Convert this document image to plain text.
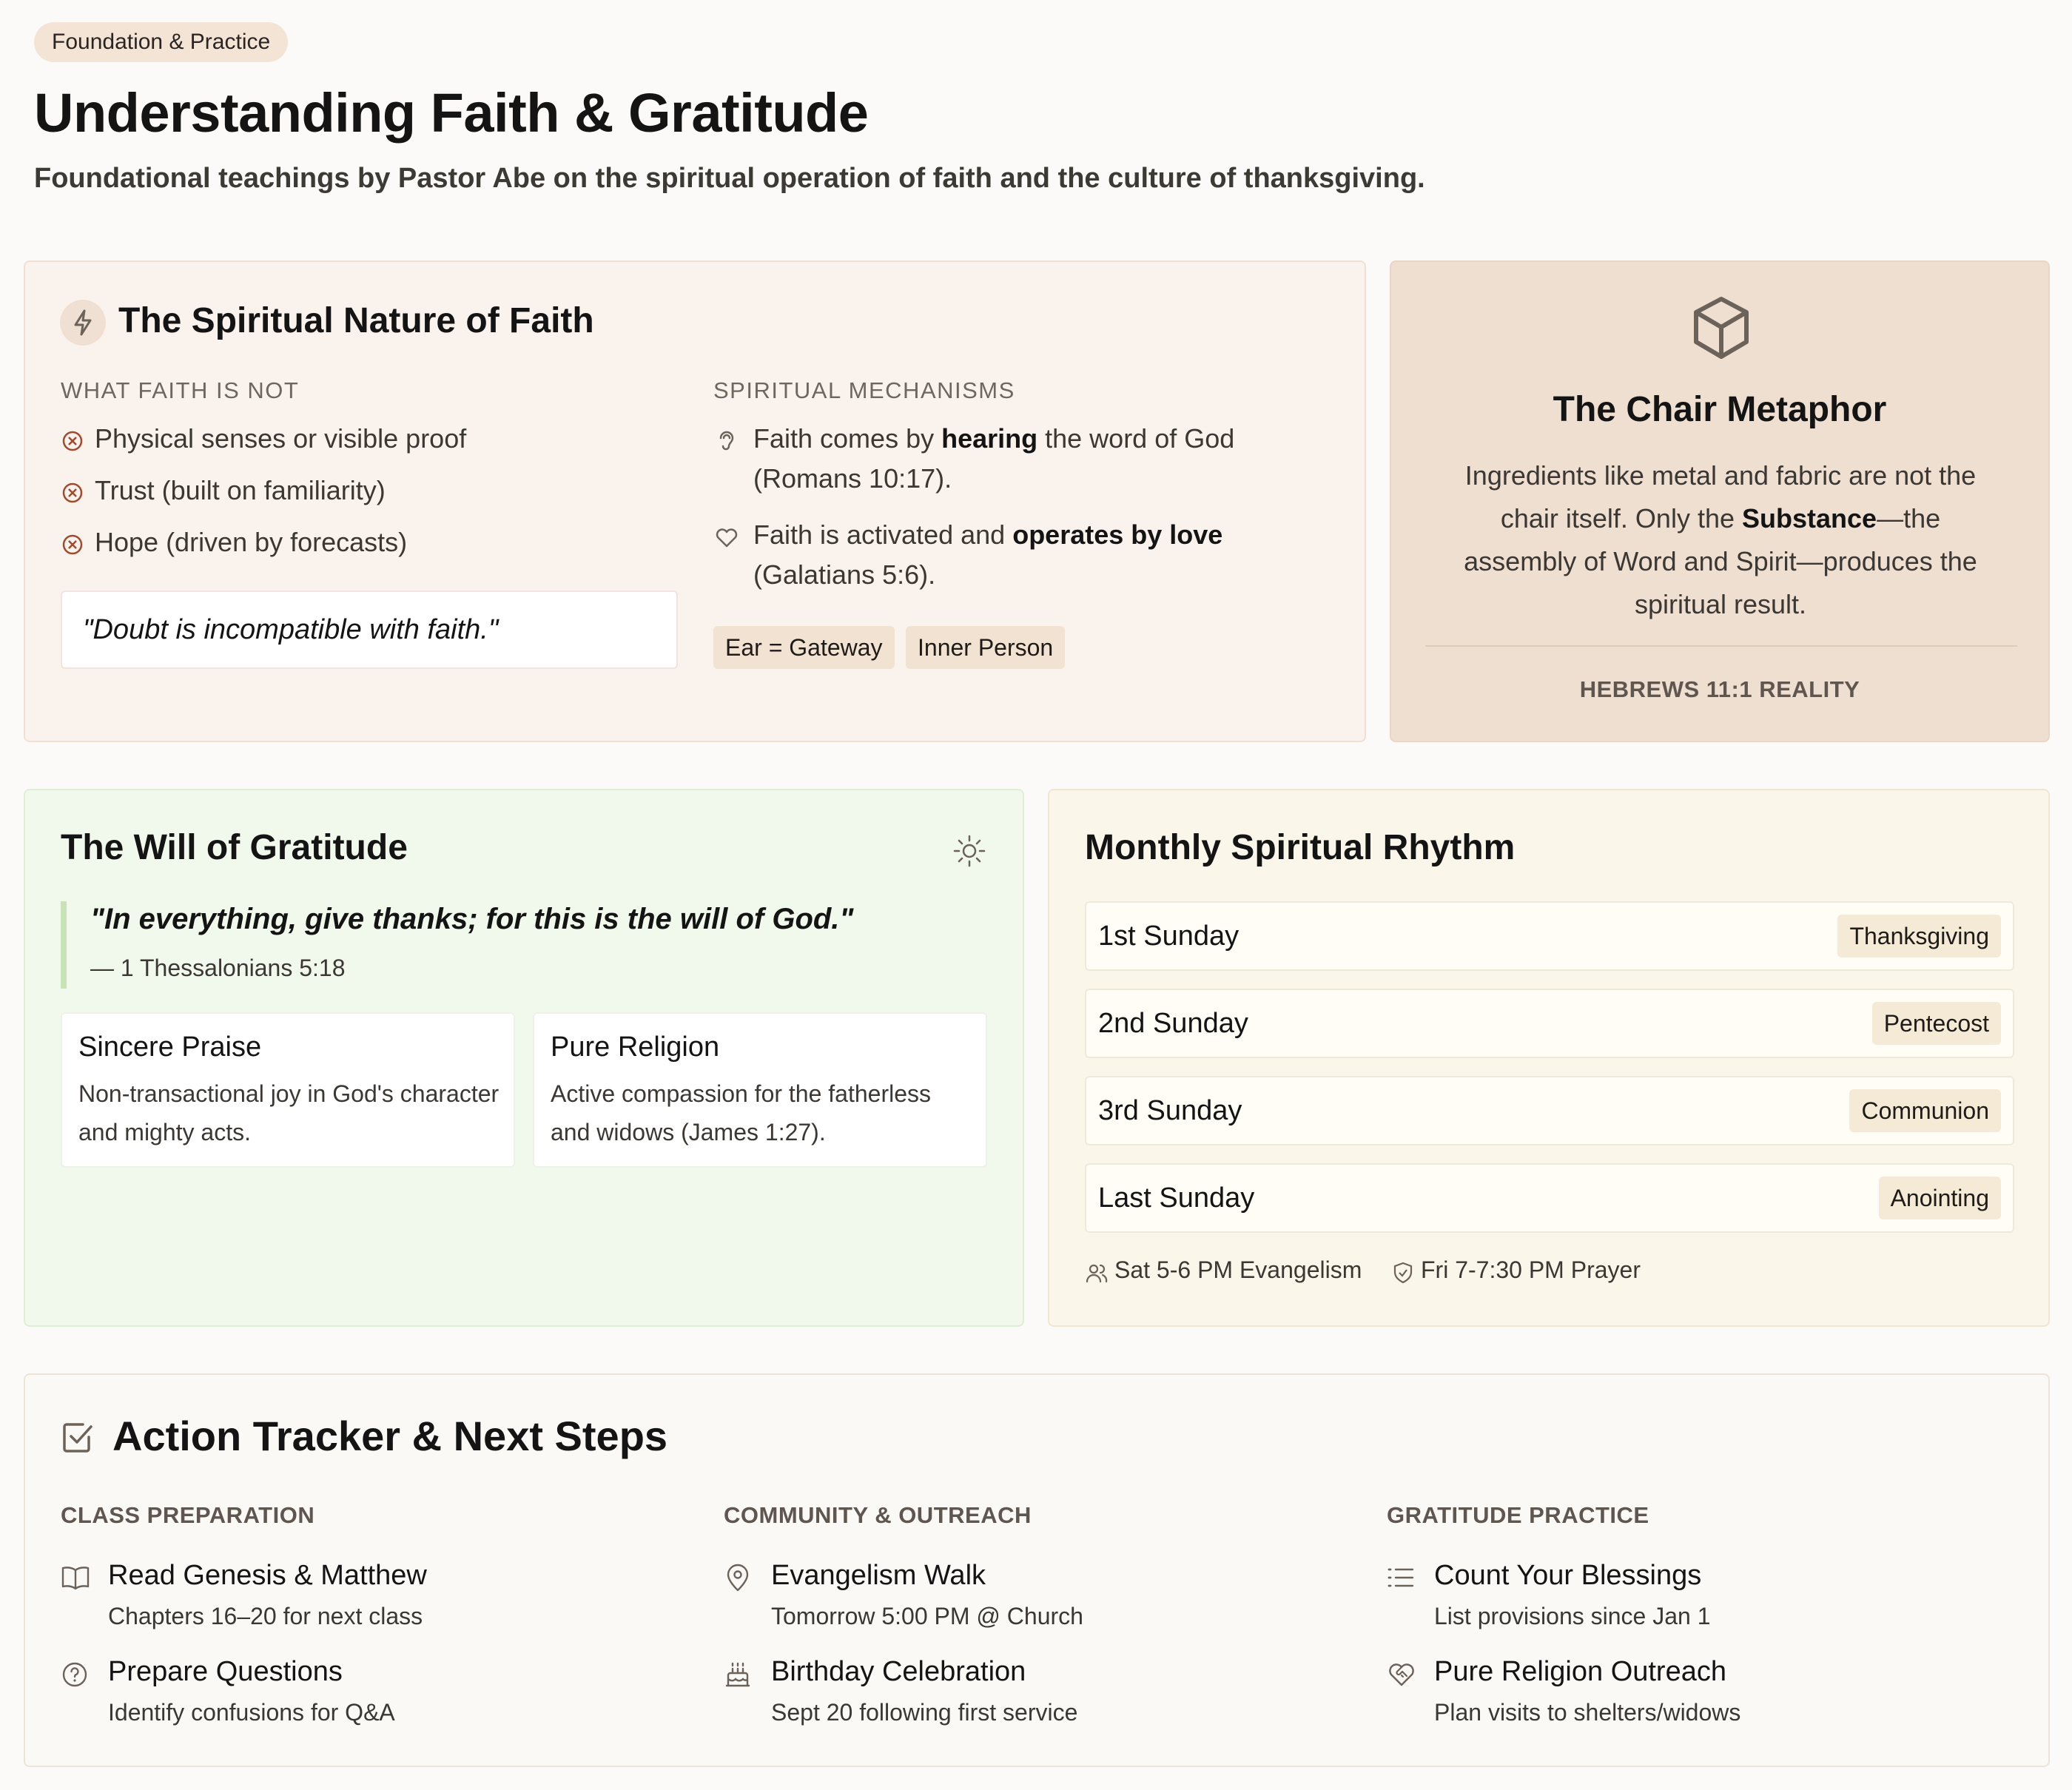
Foundation & Practice
Understanding Faith & Gratitude
Foundational teachings by Pastor Abe on the spiritual operation of faith and the culture of thanksgiving.
The Spiritual Nature of Faith
WHAT FAITH IS NOT
Physical senses or visible proof
Trust (built on familiarity)
Hope (driven by forecasts)
"Doubt is incompatible with faith."
SPIRITUAL MECHANISMS
Faith comes by hearing the word of God
(Romans 10:17).
Faith is activated and operates by love
(Galatians 5:6).
Ear = Gateway	Inner Person
The Chair Metaphor
Ingredients like metal and fabric are not the
chair itself. Only the Substance—the
assembly of Word and Spirit—produces the
spiritual result.
HEBREWS 11:1 REALITY
The Will of Gratitude
"In everything, give thanks; for this is the will of God."
— 1 Thessalonians 5:18
Sincere Praise
Non-transactional joy in God's character and mighty acts.
Pure Religion
Active compassion for the fatherless and widows (James 1:27).
Monthly Spiritual Rhythm
1st Sunday	Thanksgiving
2nd Sunday	Pentecost
3rd Sunday	Communion
Last Sunday	Anointing
Sat 5-6 PM Evangelism Fri 7-7:30 PM Prayer
Action Tracker & Next Steps
CLASS PREPARATION
Read Genesis & Matthew
Chapters 16–20 for next class
Prepare Questions
Identify confusions for Q&A
COMMUNITY & OUTREACH
Evangelism Walk
Tomorrow 5:00 PM @ Church
Birthday Celebration
Sept 20 following first service
GRATITUDE PRACTICE
Count Your Blessings
List provisions since Jan 1
Pure Religion Outreach
Plan visits to shelters/widows
